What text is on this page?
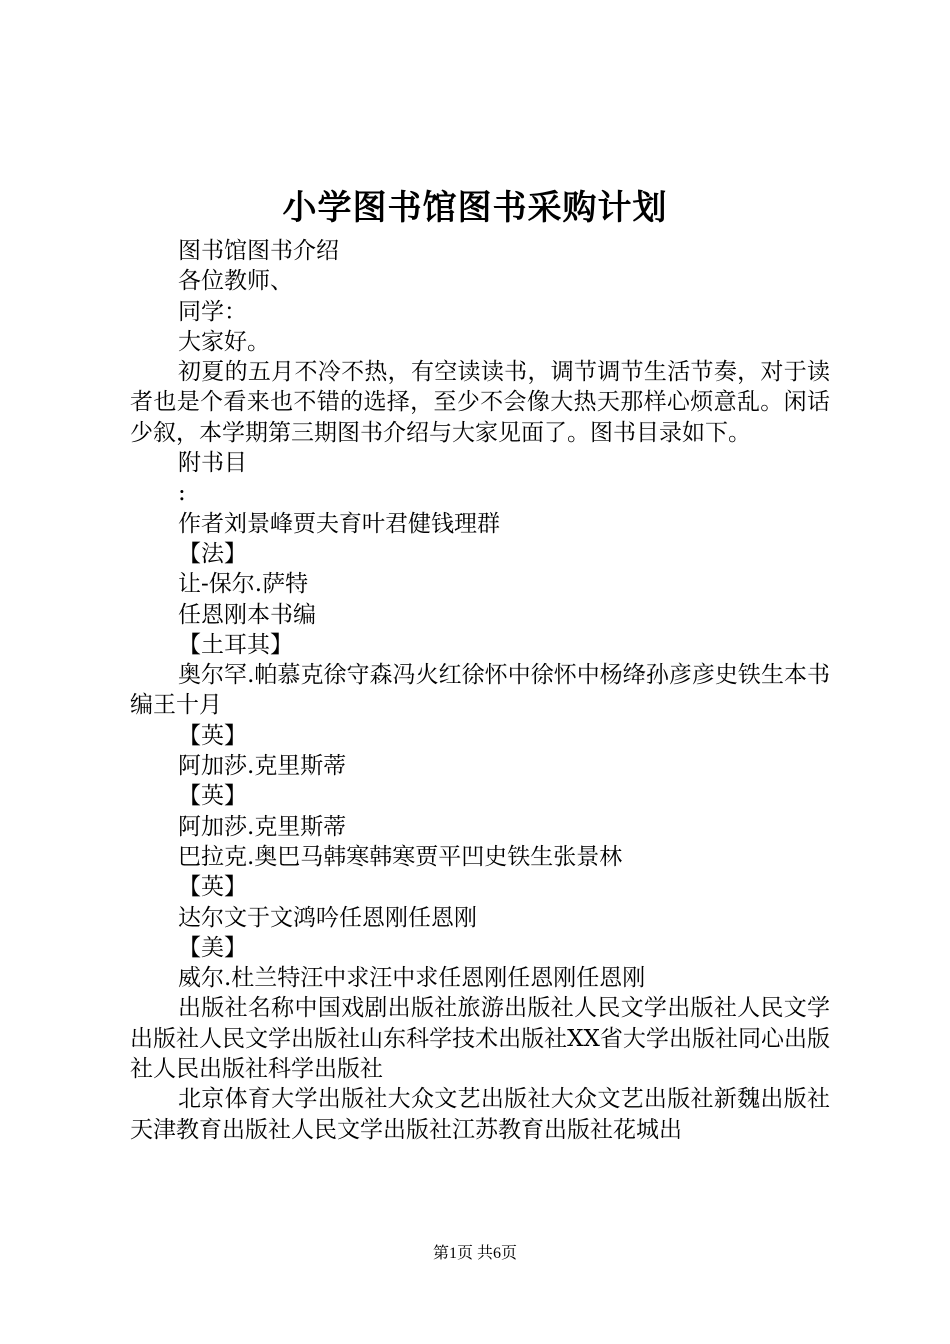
小学图书馆图书采购计划

图书馆图书介绍

各位教师、

同学：

大家好。

初夏的五月不冷不热，有空读读书，调节调节生活节奏，对于读者也是个看来也不错的选择，至少不会像大热天那样心烦意乱。闲话少叙，本学期第三期图书介绍与大家见面了。图书目录如下。

附书目

:

作者刘景峰贾夫育叶君健钱理群

【法】

让-保尔.萨特

任恩刚本书编

【土耳其】

奥尔罕.帕慕克徐守森冯火红徐怀中徐怀中杨绛孙彦彦史铁生本书编王十月

【英】

阿加莎.克里斯蒂

【英】

阿加莎.克里斯蒂

巴拉克.奥巴马韩寒韩寒贾平凹史铁生张景林

【英】

达尔文于文鸿吟任恩刚任恩刚

【美】

威尔.杜兰特汪中求汪中求任恩刚任恩刚任恩刚

出版社名称中国戏剧出版社旅游出版社人民文学出版社人民文学出版社人民文学出版社山东科学技术出版社XX省大学出版社同心出版社人民出版社科学出版社

北京体育大学出版社大众文艺出版社大众文艺出版社新魏出版社天津教育出版社人民文学出版社江苏教育出版社花城出

第1页 共6页
